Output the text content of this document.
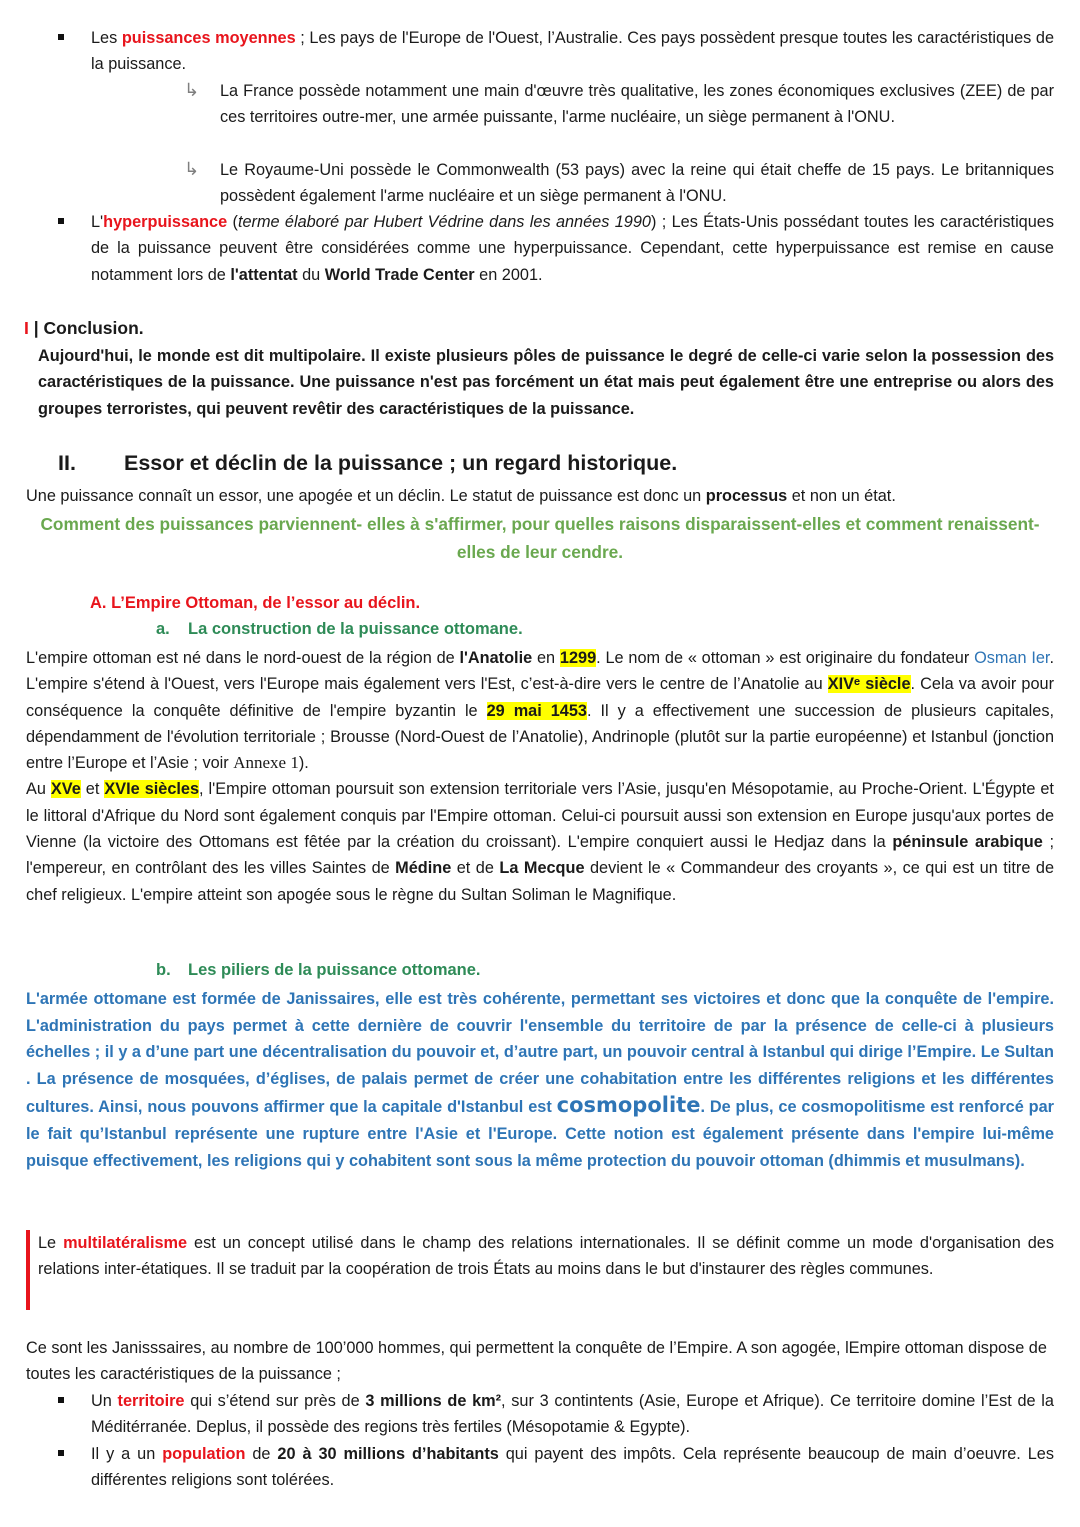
Les puissances moyennes ; Les pays de l'Europe de l'Ouest, l’Australie. Ces pays possèdent presque toutes les caractéristiques de la puissance.
↳ La France possède notamment une main d'œuvre très qualitative, les zones économiques exclusives (ZEE) de par ces territoires outre-mer, une armée puissante, l'arme nucléaire, un siège permanent à l'ONU.
↳ Le Royaume-Uni possède le Commonwealth (53 pays) avec la reine qui était cheffe de 15 pays. Le britanniques possèdent également l'arme nucléaire et un siège permanent à l'ONU.
L'hyperpuissance (terme élaboré par Hubert Védrine dans les années 1990) ; Les États-Unis possédant toutes les caractéristiques de la puissance peuvent être considérées comme une hyperpuissance. Cependant, cette hyperpuissance est remise en cause notamment lors de l'attentat du World Trade Center en 2001.
I | Conclusion.

Aujourd'hui, le monde est dit multipolaire. Il existe plusieurs pôles de puissance le degré de celle-ci varie selon la possession des caractéristiques de la puissance. Une puissance n'est pas forcément un état mais peut également être une entreprise ou alors des groupes terroristes, qui peuvent revêtir des caractéristiques de la puissance.

II. Essor et déclin de la puissance ; un regard historique.

Une puissance connaît un essor, une apogée et un déclin. Le statut de puissance est donc un processus et non un état.

Comment des puissances parviennent- elles à s'affirmer, pour quelles raisons disparaissent-elles et comment renaissent-elles de leur cendre.

A. L’Empire Ottoman, de l’essor au déclin.
a. La construction de la puissance ottomane.

L'empire ottoman est né dans le nord-ouest de la région de l'Anatolie en 1299. Le nom de « ottoman » est originaire du fondateur Osman Ier. L'empire s'étend à l'Ouest, vers l'Europe mais également vers l'Est, c’est-à-dire vers le centre de l’Anatolie au XIVᵉ siècle. Cela va avoir pour conséquence la conquête définitive de l'empire byzantin le 29 mai 1453. Il y a effectivement une succession de plusieurs capitales, dépendamment de l'évolution territoriale ; Brousse (Nord-Ouest de l’Anatolie), Andrinople (plutôt sur la partie européenne) et Istanbul (jonction entre l’Europe et l’Asie ; voir Annexe 1).
Au XVe et XVIe siècles, l'Empire ottoman poursuit son extension territoriale vers l’Asie, jusqu'en Mésopotamie, au Proche-Orient. L'Égypte et le littoral d'Afrique du Nord sont également conquis par l'Empire ottoman. Celui-ci poursuit aussi son extension en Europe jusqu'aux portes de Vienne (la victoire des Ottomans est fêtée par la création du croissant). L'empire conquiert aussi le Hedjaz dans la péninsule arabique ; l'empereur, en contrôlant des les villes Saintes de Médine et de La Mecque devient le « Commandeur des croyants », ce qui est un titre de chef religieux. L'empire atteint son apogée sous le règne du Sultan Soliman le Magnifique.

b. Les piliers de la puissance ottomane.

L'armée ottomane est formée de Janissaires, elle est très cohérente, permettant ses victoires et donc que la conquête de l'empire. L'administration du pays permet à cette dernière de couvrir l'ensemble du territoire de par la présence de celle-ci à plusieurs échelles ; il y a d’une part une décentralisation du pouvoir et, d’autre part, un pouvoir central à Istanbul qui dirige l’Empire. Le Sultan . La présence de mosquées, d’églises, de palais permet de créer une cohabitation entre les différentes religions et les différentes cultures. Ainsi, nous pouvons affirmer que la capitale d'Istanbul est cosmopolite. De plus, ce cosmopolitisme est renforcé par le fait qu’Istanbul représente une rupture entre l'Asie et l'Europe. Cette notion est également présente dans l'empire lui-même puisque effectivement, les religions qui y cohabitent sont sous la même protection du pouvoir ottoman (dhimmis et musulmans).

Le multilatéralisme est un concept utilisé dans le champ des relations internationales. Il se définit comme un mode d'organisation des relations inter-étatiques. Il se traduit par la coopération de trois États au moins dans le but d'instaurer des règles communes.

Ce sont les Janisssaires, au nombre de 100’000 hommes, qui permettent la conquête de l’Empire. A son agogée, lEmpire ottoman dispose de toutes les caractéristiques de la puissance ;

Un territoire qui s’étend sur près de 3 millions de km², sur 3 contintents (Asie, Europe et Afrique). Ce territoire domine l’Est de la Méditérranée. Deplus, il possède des regions très fertiles (Mésopotamie & Egypte).
Il y a un population de 20 à 30 millions d’habitants qui payent des impôts. Cela représente beaucoup de main d’oeuvre. Les différentes religions sont tolérées.
